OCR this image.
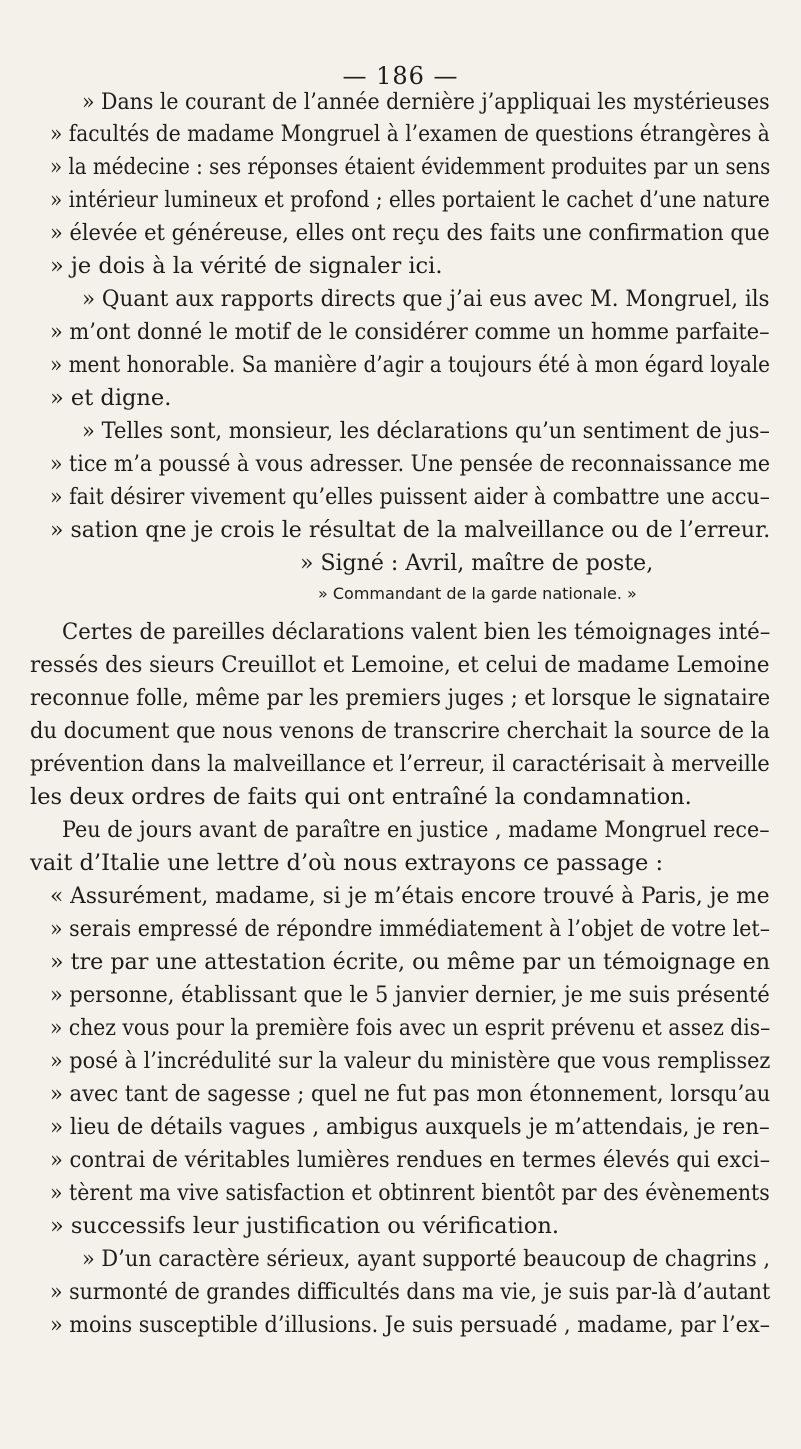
— 186 —
» Dans le courant de l’année dernière j’appliquai les mystérieuses
» facultés de madame Mongruel à l’examen de questions étrangères à
» la médecine : ses réponses étaient évidemment produites par un sens
» intérieur lumineux et profond ; elles portaient le cachet d’une nature
» élevée et généreuse, elles ont reçu des faits une confirmation que
» je dois à la vérité de signaler ici.
» Quant aux rapports directs que j’ai eus avec M. Mongruel, ils
» m’ont donné le motif de le considérer comme un homme parfaite–
» ment honorable. Sa manière d’agir a toujours été à mon égard loyale
» et digne.
» Telles sont, monsieur, les déclarations qu’un sentiment de jus–
» tice m’a poussé à vous adresser. Une pensée de reconnaissance me
» fait désirer vivement qu’elles puissent aider à combattre une accu–
» sation qne je crois le résultat de la malveillance ou de l’erreur.
» Signé : Avril, maître de poste,
» Commandant de la garde nationale. »
Certes de pareilles déclarations valent bien les témoignages inté–
ressés des sieurs Creuillot et Lemoine, et celui de madame Lemoine
reconnue folle, même par les premiers juges ; et lorsque le signataire
du document que nous venons de transcrire cherchait la source de la
prévention dans la malveillance et l’erreur, il caractérisait à merveille
les deux ordres de faits qui ont entraîné la condamnation.
Peu de jours avant de paraître en justice , madame Mongruel rece–
vait d’Italie une lettre d’où nous extrayons ce passage :
« Assurément, madame, si je m’étais encore trouvé à Paris, je me
» serais empressé de répondre immédiatement à l’objet de votre let–
» tre par une attestation écrite, ou même par un témoignage en
» personne, établissant que le 5 janvier dernier, je me suis présenté
» chez vous pour la première fois avec un esprit prévenu et assez dis–
» posé à l’incrédulité sur la valeur du ministère que vous remplissez
» avec tant de sagesse ; quel ne fut pas mon étonnement, lorsqu’au
» lieu de détails vagues , ambigus auxquels je m’attendais, je ren–
» contrai de véritables lumières rendues en termes élevés qui exci–
» tèrent ma vive satisfaction et obtinrent bientôt par des évènements
» successifs leur justification ou vérification.
» D’un caractère sérieux, ayant supporté beaucoup de chagrins ,
» surmonté de grandes difficultés dans ma vie, je suis par-là d’autant
» moins susceptible d’illusions. Je suis persuadé , madame, par l’ex–
